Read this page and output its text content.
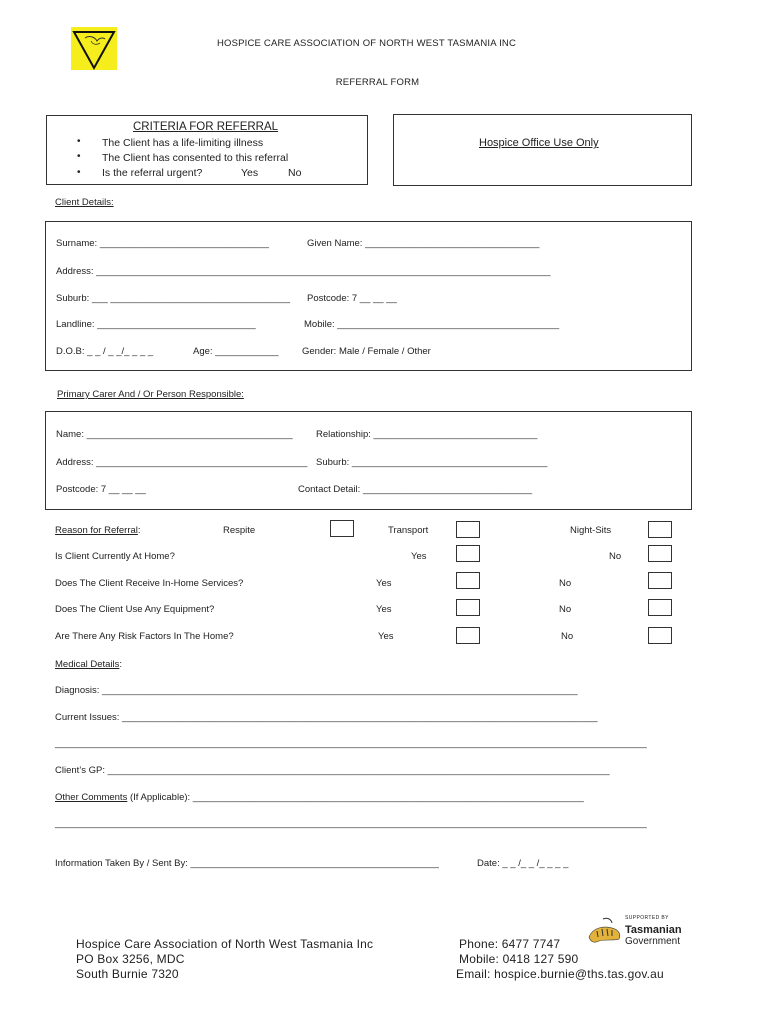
HOSPICE CARE ASSOCIATION OF NORTH WEST TASMANIA INC
REFERRAL FORM
CRITERIA FOR REFERRAL
• The Client has a life-limiting illness
• The Client has consented to this referral
• Is the referral urgent?	Yes	No
Hospice Office Use Only
Client Details:
Surname: ________________________________	Given Name: _________________________________
Address: ______________________________________________________________________________________
Suburb: ___ __________________________________ Postcode: 7 __ __ __
Landline: ______________________________	Mobile: __________________________________________
D.O.B: _ _ / _ _/_ _ _ _	Age: ____________ Gender: Male / Female / Other
Primary Carer And / Or Person Responsible:
Name: _______________________________________ Relationship: _______________________________
Address: ________________________________________ Suburb: _____________________________________
Postcode: 7 __ __ __	Contact Detail: ________________________________
Reason for Referral:	Respite	Transport	Night-Sits
Is Client Currently At Home?	Yes	No
Does The Client Receive In-Home Services?	Yes	No
Does The Client Use Any Equipment?	Yes	No
Are There Any Risk Factors In The Home?	Yes	No
Medical Details:
Diagnosis: __________________________________________________________________________________________
Current Issues: __________________________________________________________________________________________
________________________________________________________________________________________________________________
Client’s GP: _______________________________________________________________________________________________
Other Comments (If Applicable): __________________________________________________________________________
________________________________________________________________________________________________________________
Information Taken By / Sent By: _______________________________________________	Date: _ _ /_ _ /_ _ _ _
SUPPORTED BY
Tasmanian
Government
Hospice Care Association of North West Tasmania Inc
PO Box 3256, MDC
South Burnie 7320
Phone: 6477 7747
Mobile: 0418 127 590
Email: hospice.burnie@ths.tas.gov.au
